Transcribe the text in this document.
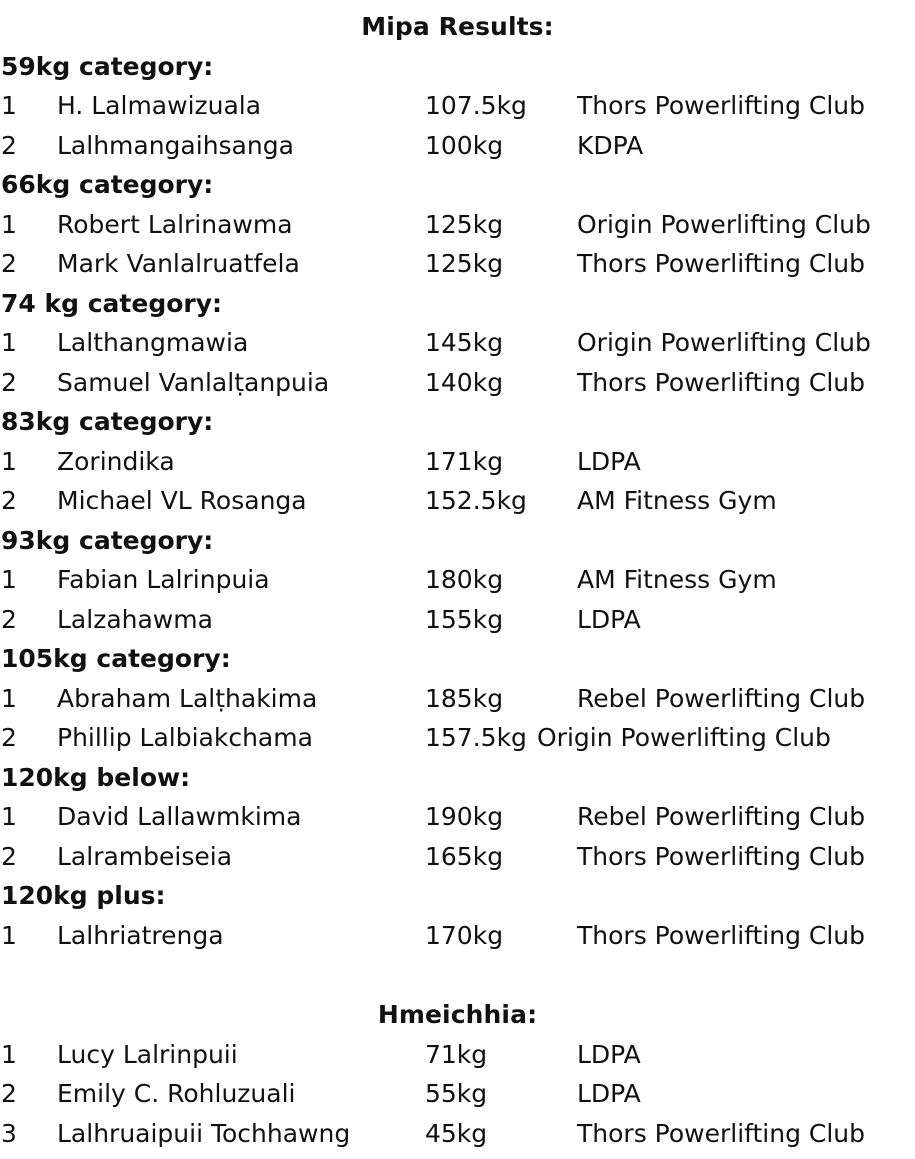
Mipa Results:
59kg category:
1 H. Lalmawizuala	107.5kg Thors Powerlifting Club
2 Lalhmangaihsanga	100kg	KDPA
66kg category:
1 Robert Lalrinawma	125kg	Origin Powerlifting Club
2 Mark Vanlalruatfela	125kg	Thors Powerlifting Club
74 kg category:
1 Lalthangmawia	145kg	Origin Powerlifting Club
2 Samuel Vanlalṭanpuia	140kg	Thors Powerlifting Club
83kg category:
1 Zorindika	171kg	LDPA
2 Michael VL Rosanga	152.5kg AM Fitness Gym
93kg category:
1 Fabian Lalrinpuia	180kg	AM Fitness Gym
2 Lalzahawma	155kg	LDPA
105kg category:
1 Abraham Lalṭhakima	185kg	Rebel Powerlifting Club
2 Phillip Lalbiakchama	157.5kg Origin Powerlifting Club
120kg below:
1 David Lallawmkima	190kg	Rebel Powerlifting Club
2 Lalrambeiseia	165kg	Thors Powerlifting Club
120kg plus:
1 Lalhriatrenga	170kg	Thors Powerlifting Club
Hmeichhia:
1 Lucy Lalrinpuii	71kg	LDPA
2 Emily C. Rohluzuali	55kg	LDPA
3 Lalhruaipuii Tochhawng	45kg	Thors Powerlifting Club
